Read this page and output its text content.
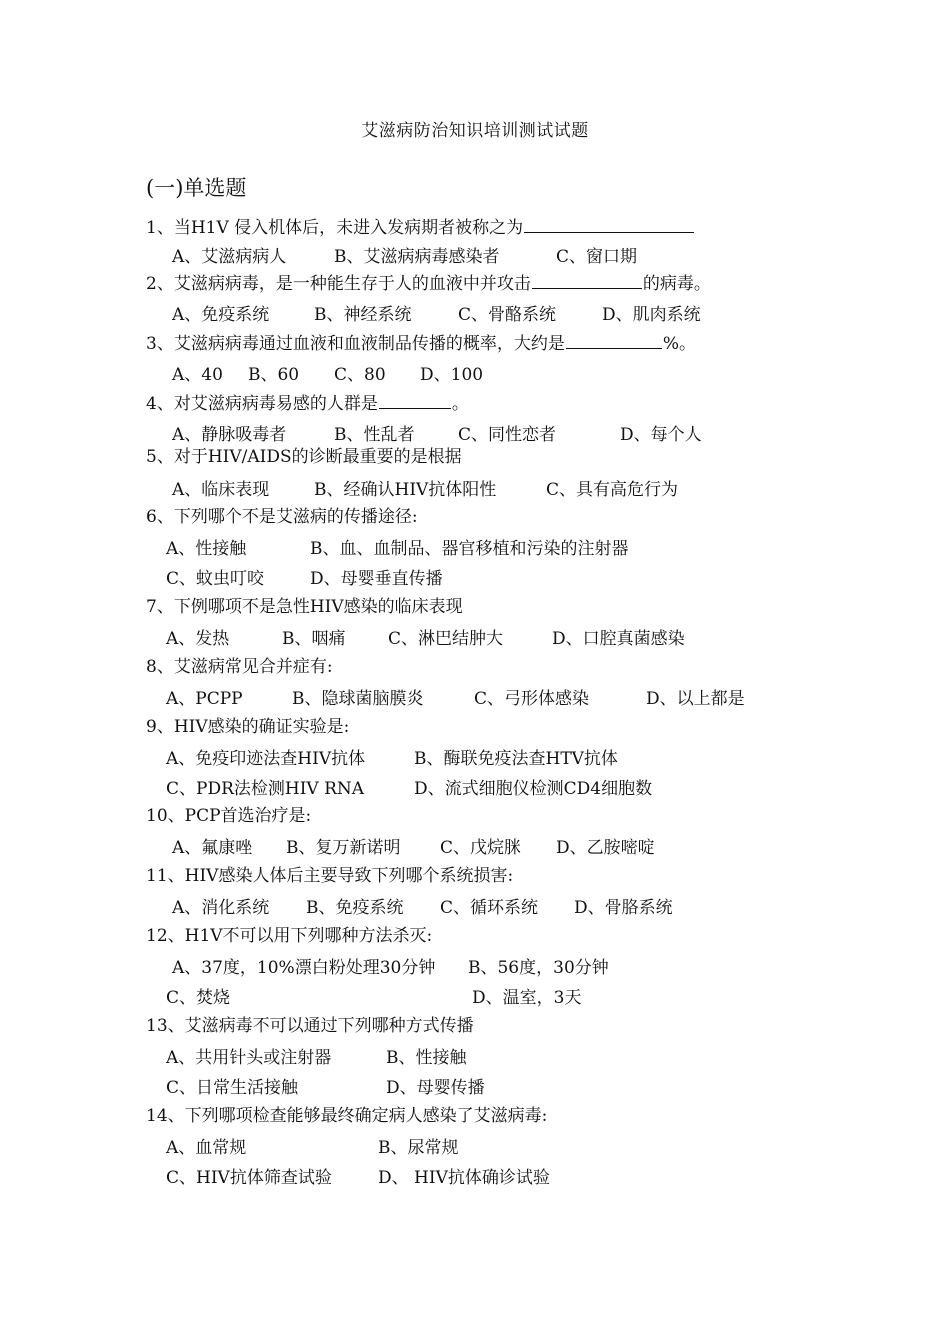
艾滋病防治知识培训测试试题
(一)单选题
1、当H1V 侵入机体后，未进入发病期者被称之为
A、艾滋病病人	B、艾滋病病毒感染者	C、窗口期
2、艾滋病病毒，是一种能生存于人的血液中并攻击	的病毒。
A、免疫系统	B、神经系统	C、骨酪系统	D、肌肉系统
3、艾滋病病毒通过血液和血液制品传播的概率，大约是	%。
A、40 B、60 C、80 D、100
4、对艾滋病病毒易感的人群是	。
A、静脉吸毒者	B、性乱者	C、同性恋者	D、每个人
5、对于HIV/AIDS的诊断最重要的是根据
A、临床表现	B、经确认HIV抗体阳性	C、具有高危行为
6、下列哪个不是艾滋病的传播途径:
A、性接触	B、血、血制品、器官移植和污染的注射器
C、蚊虫叮咬	D、母婴垂直传播
7、下例哪项不是急性HIV感染的临床表现
A、发热	B、咽痛	C、淋巴结肿大	D、口腔真菌感染
8、艾滋病常见合并症有:
A、PCPP	B、隐球菌脑膜炎	C、弓形体感染	D、以上都是
9、HIV感染的确证实验是:
A、免疫印迹法查HIV抗体	B、酶联免疫法查HTV抗体
C、PDR法检测HIV RNA	D、流式细胞仪检测CD4细胞数
10、PCP首选治疗是:
A、氟康唑 B、复万新诺明 C、戊烷脒 D、乙胺嘧啶
11、HIV感染人体后主要导致下列哪个系统损害:
A、消化系统 B、免疫系统 C、循环系统 D、骨胳系统
12、H1V不可以用下列哪种方法杀灭:
A、37度，10%漂白粉处理30分钟 B、56度，30分钟
C、焚烧	D、温室，3天
13、艾滋病毒不可以通过下列哪种方式传播
A、共用针头或注射器	B、性接触
C、日常生活接触	D、母婴传播
14、下列哪项检查能够最终确定病人感染了艾滋病毒:
A、血常规	B、尿常规
C、HIV抗体筛查试验	D、 HIV抗体确诊试验
